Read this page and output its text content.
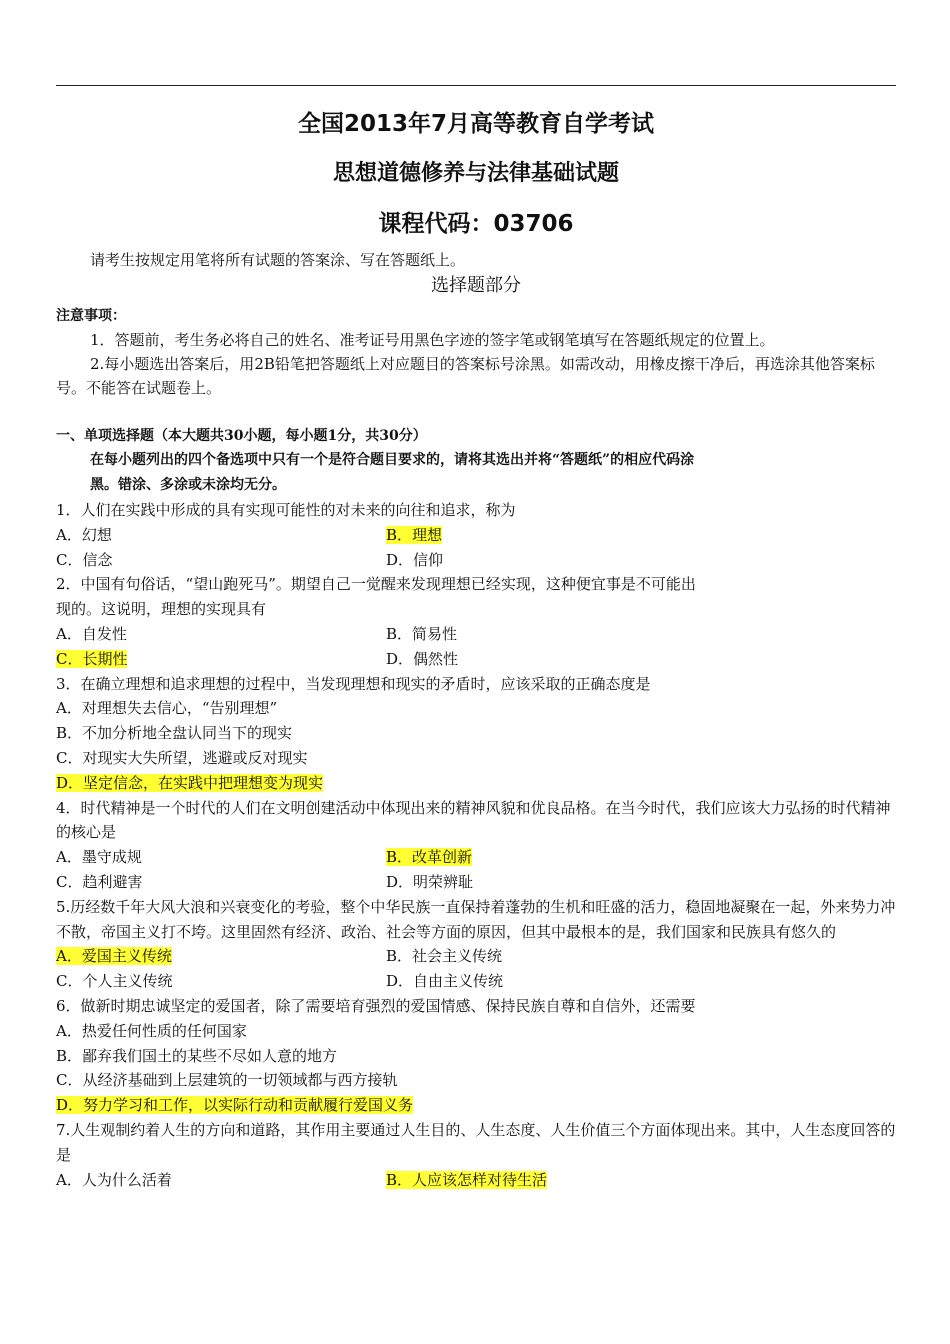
全国2013年7月高等教育自学考试
思想道德修养与法律基础试题
课程代码：03706
请考生按规定用笔将所有试题的答案涂、写在答题纸上。
选择题部分
注意事项：
1．答题前，考生务必将自己的姓名、准考证号用黑色字迹的签字笔或钢笔填写在答题纸规定的位置上。
2.每小题选出答案后，用2B铅笔把答题纸上对应题目的答案标号涂黑。如需改动，用橡皮擦干净后，再选涂其他答案标号。不能答在试题卷上。
一、单项选择题（本大题共30小题，每小题1分，共30分）
在每小题列出的四个备选项中只有一个是符合题目要求的，请将其选出并将“答题纸”的相应代码涂黑。错涂、多涂或未涂均无分。
1．人们在实践中形成的具有实现可能性的对未来的向往和追求，称为
A．幻想	B．理想
C．信念	D．信仰
2．中国有句俗话，“望山跑死马”。期望自己一觉醒来发现理想已经实现，这种便宜事是不可能出现的。这说明，理想的实现具有
A．自发性	B．简易性
C．长期性	D．偶然性
3．在确立理想和追求理想的过程中，当发现理想和现实的矛盾时，应该采取的正确态度是
A．对理想失去信心，“告别理想”
B．不加分析地全盘认同当下的现实
C．对现实大失所望，逃避或反对现实
D．坚定信念，在实践中把理想变为现实
4．时代精神是一个时代的人们在文明创建活动中体现出来的精神风貌和优良品格。在当今时代，我们应该大力弘扬的时代精神的核心是
A．墨守成规	B．改革创新
C．趋利避害	D．明荣辨耻
5.历经数千年大风大浪和兴衰变化的考验，整个中华民族一直保持着蓬勃的生机和旺盛的活力，稳固地凝聚在一起，外来势力冲不散，帝国主义打不垮。这里固然有经济、政治、社会等方面的原因，但其中最根本的是，我们国家和民族具有悠久的
A．爱国主义传统	B．社会主义传统
C．个人主义传统	D．自由主义传统
6．做新时期忠诚坚定的爱国者，除了需要培育强烈的爱国情感、保持民族自尊和自信外，还需要
A．热爱任何性质的任何国家
B．鄙弃我们国土的某些不尽如人意的地方
C．从经济基础到上层建筑的一切领域都与西方接轨
D．努力学习和工作，以实际行动和贡献履行爱国义务
7.人生观制约着人生的方向和道路，其作用主要通过人生目的、人生态度、人生价值三个方面体现出来。其中，人生态度回答的是
A．人为什么活着	B．人应该怎样对待生活
